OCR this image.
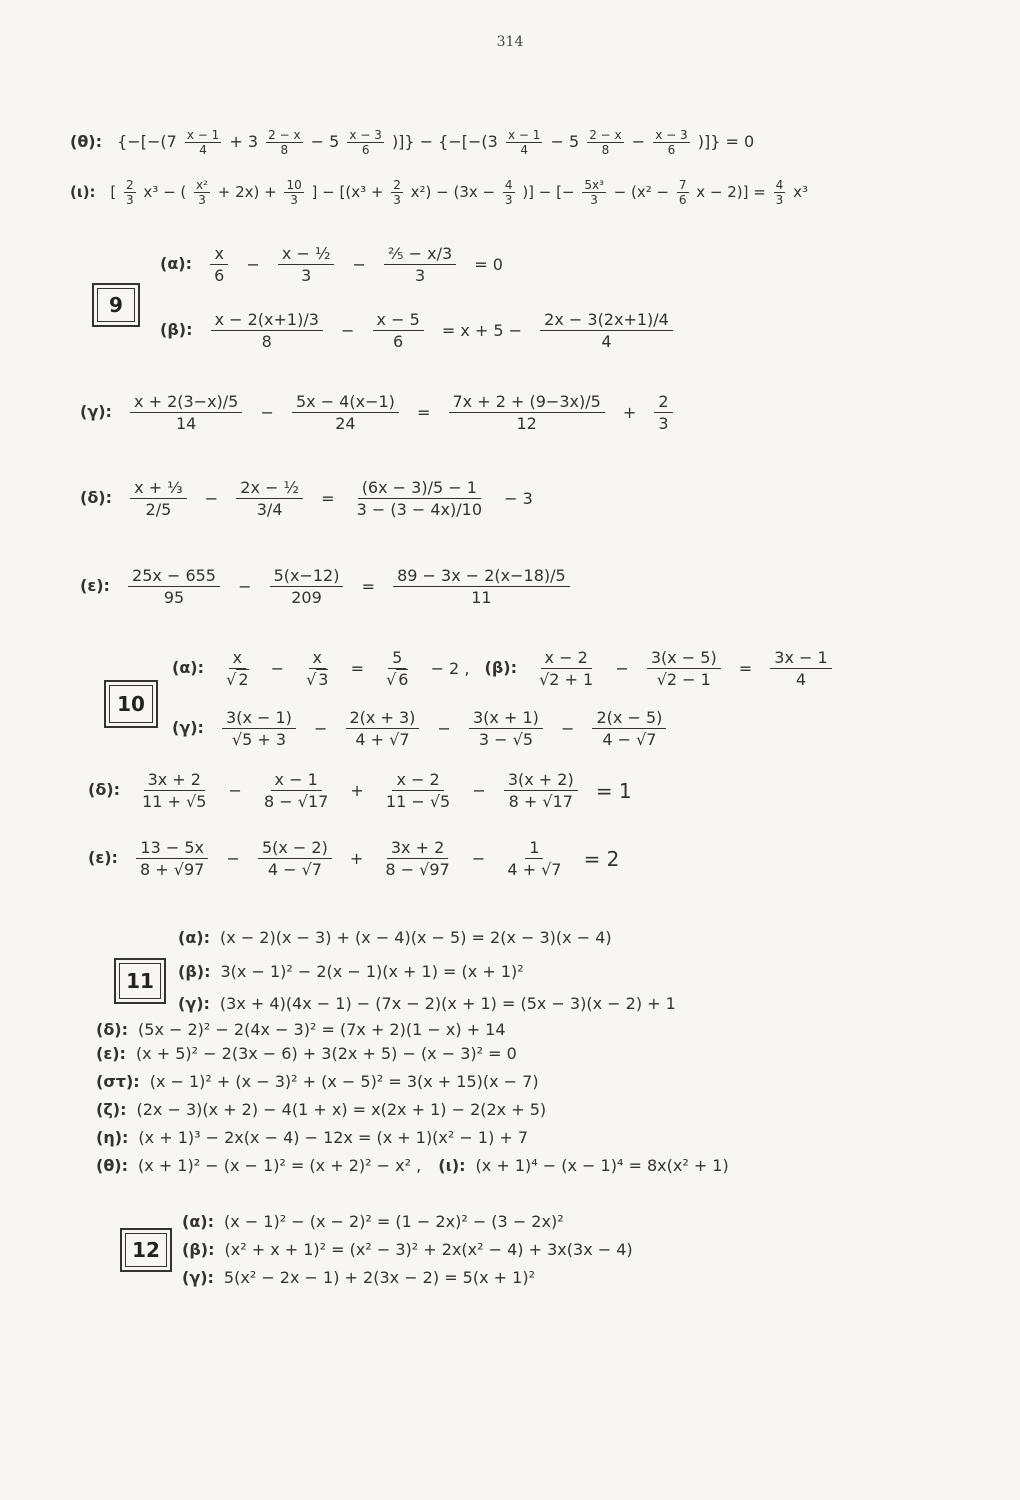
314
(θ): {$-[-(7 \frac{x - 1}{4} + 3 \frac{2 - x}{8} - 5 \frac{x - 3}{6}$ )]} − {$-[-(3 \frac{x - 1}{4} - 5 \frac{2 - x}{8} - \frac{x - 3}{6}$ )]} = 0
(ι): [ $\frac{2}{3} x^3$ − ( $\frac{\text{x²}}{3} + 2x) + \frac{10}{3}$ ] − [$(x^3 + \frac{2}{3} x^2) - (3x - \frac{4}{3}$ )] − [− $\frac{\text{5x³}}{3} - (x^2 - \frac{7}{6}$ $x - 2)] = \frac{4}{3} x^3$
9
(α): $\frac{x}{6} - \frac{\text{x − ½}}{3} - \frac{\text{⅖ − x/3}}{3} = 0$
(β): $\frac{x - 2(x+1)/3}{8} - \frac{x - 5}{6} = x + 5 - \frac{2x - 3(2x+1)/4}{4}$
(γ): $\frac{x + 2(3-x)/5}{14} - \frac{5x - 4(x-1)}{24} = \frac{7x + 2 + (9-3x)/5}{12} + \frac{2}{3}$
(δ): $\frac{\text{x + ⅓}}{2/5} - \frac{\text{2x − ½}}{3/4} = \frac{(6x - 3)/5 - 1}{3 - (3 - 4x)/10} - 3$
(ε): $\frac{25x - 655}{95} - \frac{5(x-12)}{209} = \frac{89 - 3x - 2(x-18)/5}{11}$
10
(α): $\frac{x}{√ 2} - \frac{x}{√ 3} = \frac{5}{√ 6} - 2$ , (β): $\frac{x - 2}{√2 + 1} - \frac{3(x - 5)}{√2 - 1} = \frac{3x - 1}{4}$
(γ): $\frac{3(x - 1)}{√5 + 3} - \frac{2(x + 3)}{4 + √7} - \frac{3(x + 1)}{3 - √5} - \frac{2(x - 5)}{4 - √7}$
(δ): $\frac{3x + 2}{11 + √5} - \frac{x - 1}{8 - √17} + \frac{x - 2}{11 - √5} - \frac{3(x + 2)}{8 + √17} = 1$
(ε): $\frac{13 - 5x}{8 + √97} - \frac{5(x - 2)}{4 - √7} + \frac{3x + 2}{8 - √97} - \frac{1}{4 + √7} = 2$
11
(α): (x − 2)(x − 3) + (x − 4)(x − 5) = 2(x − 3)(x − 4)
(β): 3(x − 1)² − 2(x − 1)(x + 1) = (x + 1)²
(γ): (3x + 4)(4x − 1) − (7x − 2)(x + 1) = (5x − 3)(x − 2) + 1
(δ): (5x − 2)² − 2(4x − 3)² = (7x + 2)(1 − x) + 14
(ε): (x + 5)² − 2(3x − 6) + 3(2x + 5) − (x − 3)² = 0
(στ): (x − 1)² + (x − 3)² + (x − 5)² = 3(x + 15)(x − 7)
(ζ): (2x − 3)(x + 2) − 4(1 + x) = x(2x + 1) − 2(2x + 5)
(η): (x + 1)³ − 2x(x − 4) − 12x = (x + 1)(x² − 1) + 7
(θ): (x + 1)² − (x − 1)² = (x + 2)² − x² , (ι): (x + 1)⁴ − (x − 1)⁴ = 8x(x² + 1)
12
(α): (x − 1)² − (x − 2)² = (1 − 2x)² − (3 − 2x)²
(β): (x² + x + 1)² = (x² − 3)² + 2x(x² − 4) + 3x(3x − 4)
(γ): 5(x² − 2x − 1) + 2(3x − 2) = 5(x + 1)²
